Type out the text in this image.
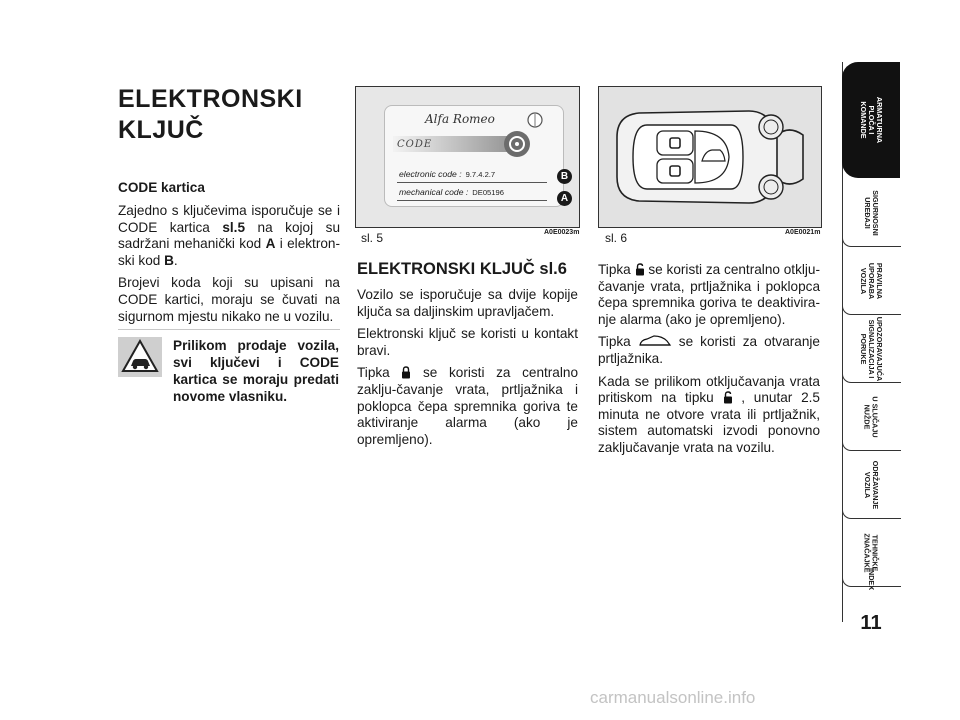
ELEKTRONSKI
KLJUČ
CODE kartica

Zajedno s ključevima isporučuje se i CODE kartica sl.5 na kojoj su sadržani mehanički kod A i elektron-ski kod B.

Brojevi koda koji su upisani na CODE kartici, moraju se čuvati na sigurnom mjestu nikako ne u vozilu.

Prilikom prodaje vozila, svi ključevi i CODE kartica se moraju predati novome vlasniku.
Alfa Romeo
CODE
electronic code : 9.7.4.2.7
mechanical code : DE05196
B
A
sl. 5	A0E0023m sl. 6	A0E0021m
ELEKTRONSKI KLJUČ sl.6

Vozilo se isporučuje sa dvije kopije ključa sa daljinskim upravljačem.

Elektronski ključ se koristi u kontakt bravi.

Tipka  se koristi za centralno zaklju-čavanje vrata, prtljažnika i poklopca čepa spremnika goriva te aktiviranje alarma (ako je opremljeno).

Tipka  se koristi za centralno otklju-čavanje vrata, prtljažnika i poklopca čepa spremnika goriva te deaktivira-nje alarma (ako je opremljeno).

Tipka	se koristi za otvaranje prtljažnika.

Kada se prilikom otključavanja vrata pritiskom na tipku  , unutar 2.5 minuta ne otvore vrata ili prtljažnik, sistem automatski izvodi ponovno zaključavanje vrata na vozilu.

ARMATURNA
PLOČA I
KOMANDE
SIGURNOSNI
UREĐAJI
PRAVILNA
UPORABA
VOZILA
UPOZORAVAJUĆA
SIGNALIZACIJA I
PORUKE
U SLUČAJU
NUŽDE
ODRŽAVANJE
VOZILA
TEHNIČKE
ZNAČAJKE
INDEX
11
carmanualsonline.info
